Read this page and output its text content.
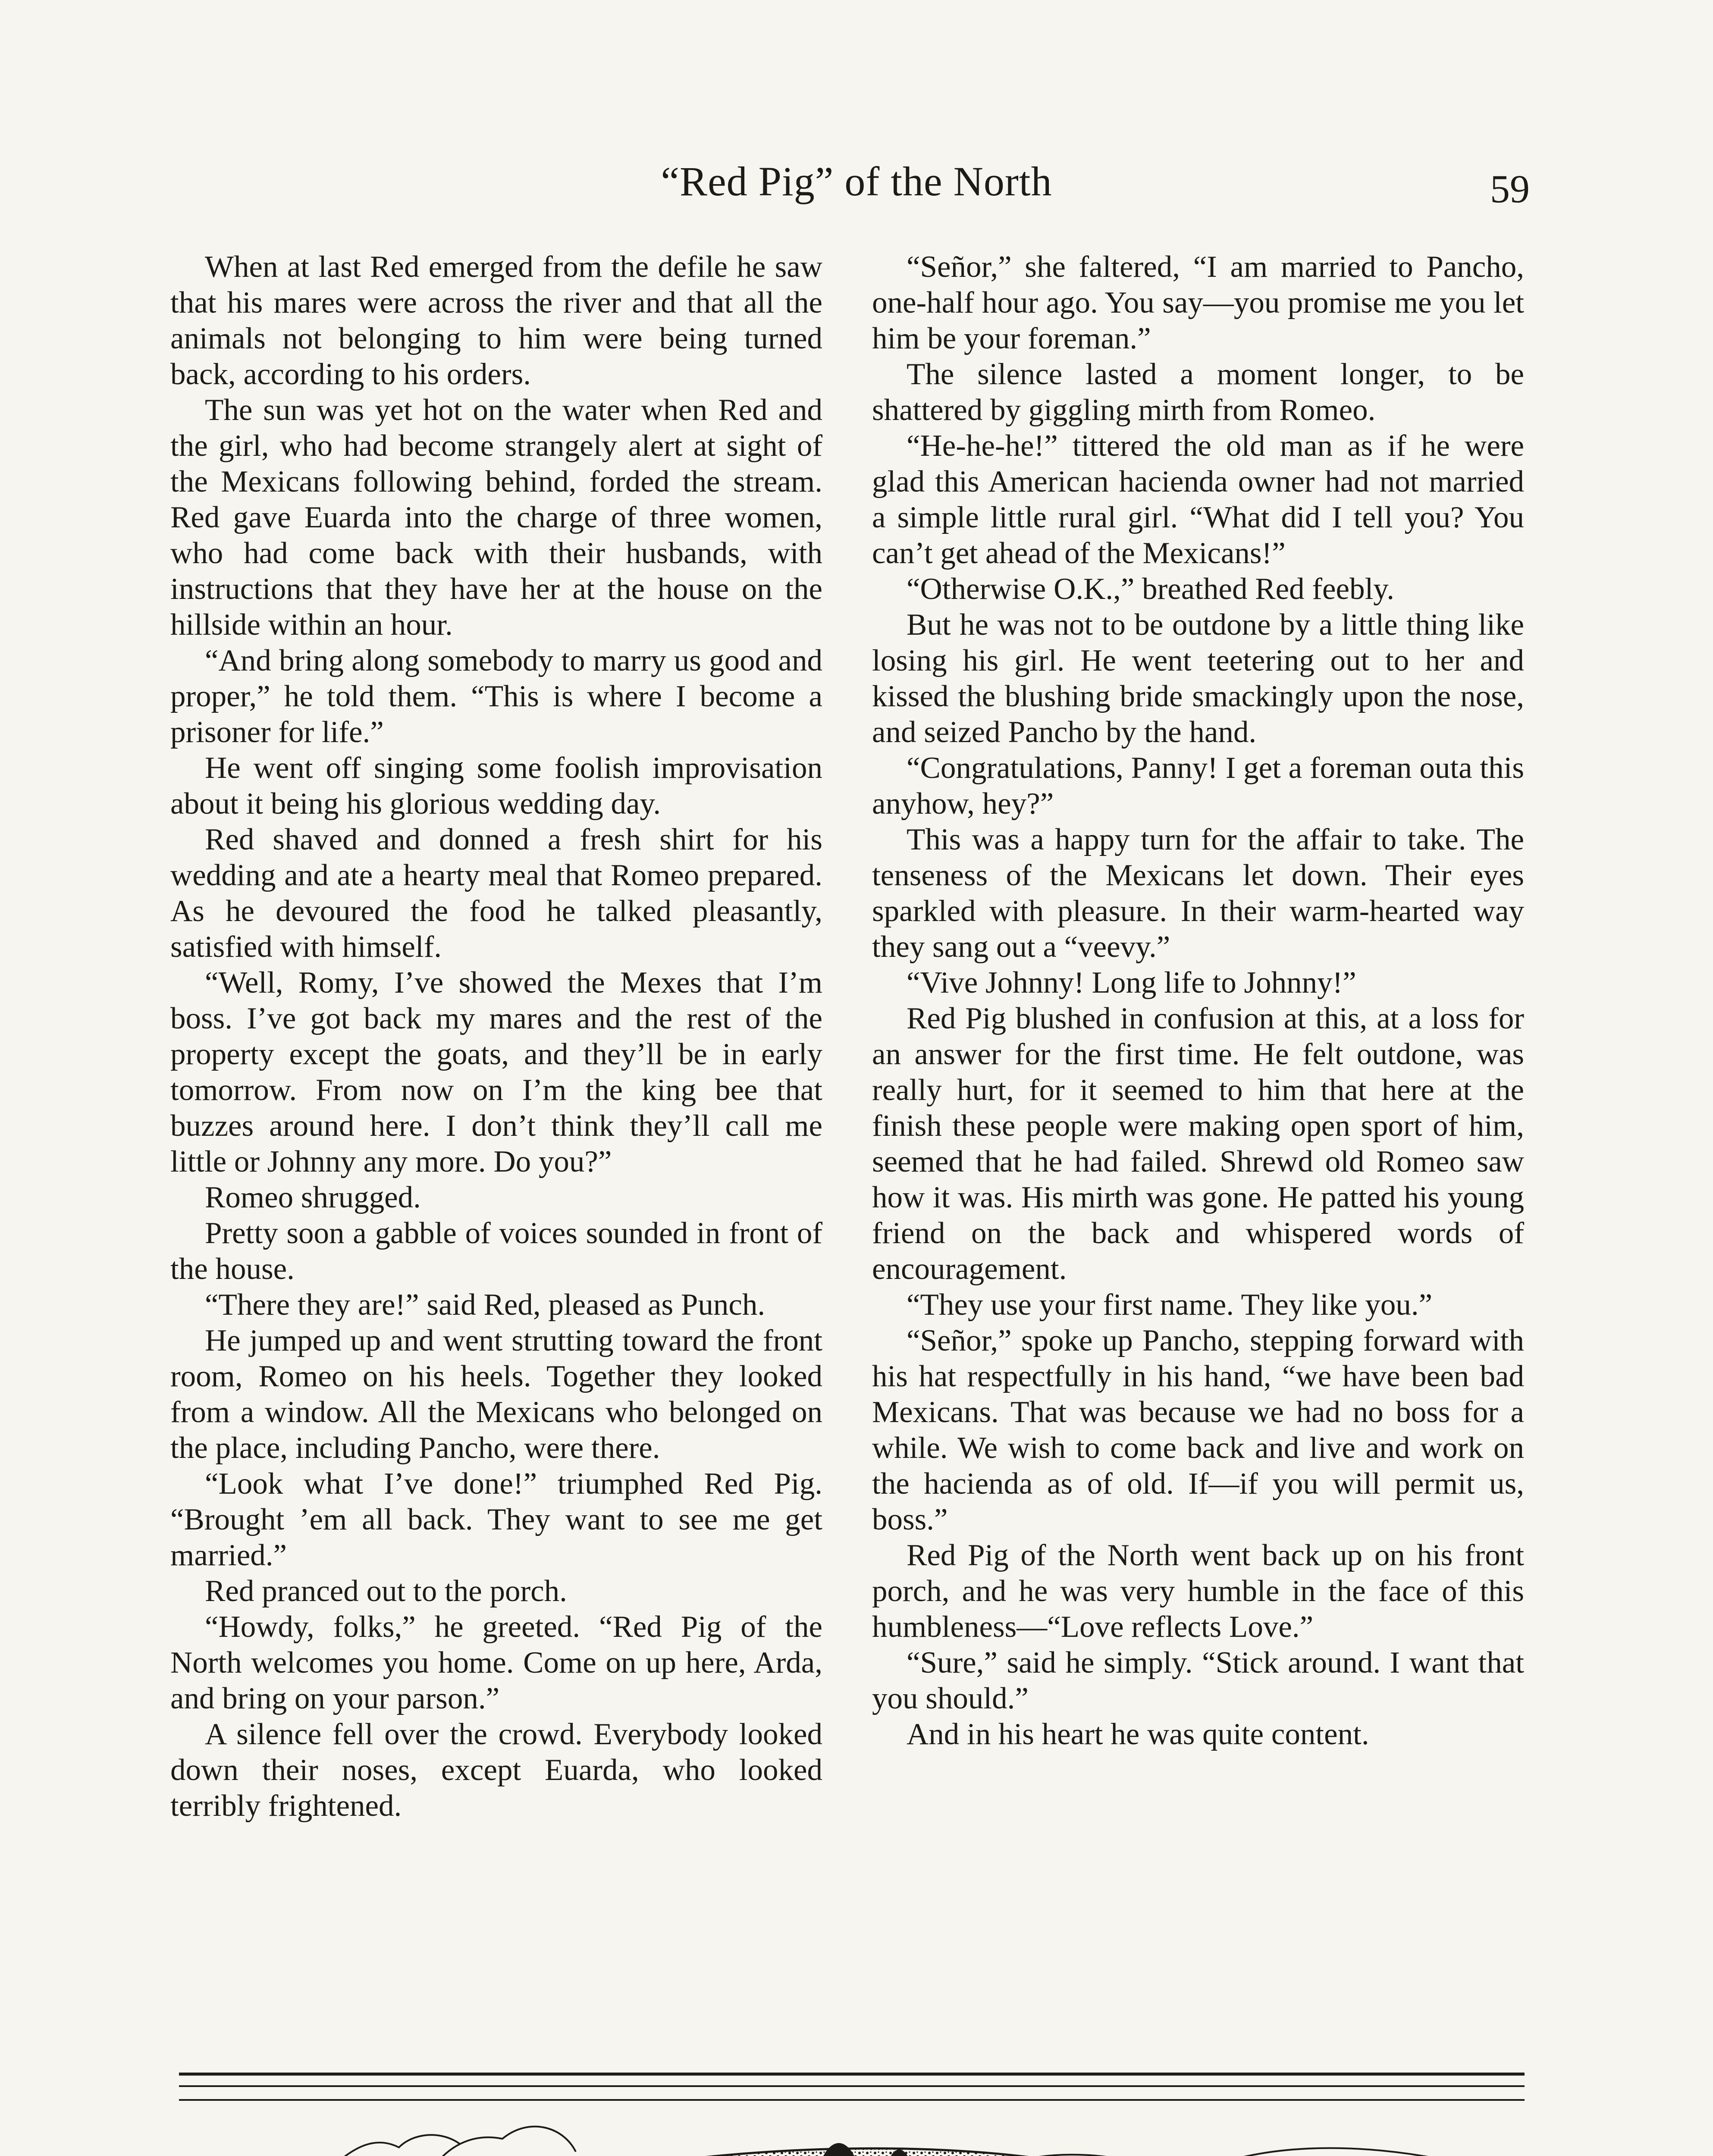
“Red Pig” of the North	59

When at last Red emerged from the defile he saw that his mares were across the river and that all the animals not belonging to him were being turned back, according to his orders.

The sun was yet hot on the water when Red and the girl, who had become strangely alert at sight of the Mexicans following behind, forded the stream. Red gave Euarda into the charge of three women, who had come back with their husbands, with instructions that they have her at the house on the hillside within an hour.

“And bring along somebody to marry us good and proper,” he told them. “This is where I become a prisoner for life.”

He went off singing some foolish improvisation about it being his glorious wedding day.

Red shaved and donned a fresh shirt for his wedding and ate a hearty meal that Romeo prepared. As he devoured the food he talked pleasantly, satisfied with himself.

“Well, Romy, I’ve showed the Mexes that I’m boss. I’ve got back my mares and the rest of the property except the goats, and they’ll be in early tomorrow. From now on I’m the king bee that buzzes around here. I don’t think they’ll call me little or Johnny any more. Do you?”

Romeo shrugged.

Pretty soon a gabble of voices sounded in front of the house.

“There they are!” said Red, pleased as Punch.

He jumped up and went strutting toward the front room, Romeo on his heels. Together they looked from a window. All the Mexicans who belonged on the place, including Pancho, were there.

“Look what I’ve done!” triumphed Red Pig. “Brought ’em all back. They want to see me get married.”

Red pranced out to the porch.

“Howdy, folks,” he greeted. “Red Pig of the North welcomes you home. Come on up here, Arda, and bring on your parson.”

A silence fell over the crowd. Everybody looked down their noses, except Euarda, who looked terribly frightened.

“Señor,” she faltered, “I am married to Pancho, one-half hour ago. You say—you promise me you let him be your foreman.”

The silence lasted a moment longer, to be shattered by giggling mirth from Romeo.

“He-he-he!” tittered the old man as if he were glad this American hacienda owner had not married a simple little rural girl. “What did I tell you? You can’t get ahead of the Mexicans!”

“Otherwise O.K.,” breathed Red feebly.

But he was not to be outdone by a little thing like losing his girl. He went teetering out to her and kissed the blushing bride smackingly upon the nose, and seized Pancho by the hand.

“Congratulations, Panny! I get a foreman outa this anyhow, hey?”

This was a happy turn for the affair to take. The tenseness of the Mexicans let down. Their eyes sparkled with pleasure. In their warm-hearted way they sang out a “veevy.”

“Vive Johnny! Long life to Johnny!”

Red Pig blushed in confusion at this, at a loss for an answer for the first time. He felt outdone, was really hurt, for it seemed to him that here at the finish these people were making open sport of him, seemed that he had failed. Shrewd old Romeo saw how it was. His mirth was gone. He patted his young friend on the back and whispered words of encouragement.

“They use your first name. They like you.”

“Señor,” spoke up Pancho, stepping forward with his hat respectfully in his hand, “we have been bad Mexicans. That was because we had no boss for a while. We wish to come back and live and work on the hacienda as of old. If—if you will permit us, boss.”

Red Pig of the North went back up on his front porch, and he was very humble in the face of this humbleness—“Love reflects Love.”

“Sure,” said he simply. “Stick around. I want that you should.”

And in his heart he was quite content.
